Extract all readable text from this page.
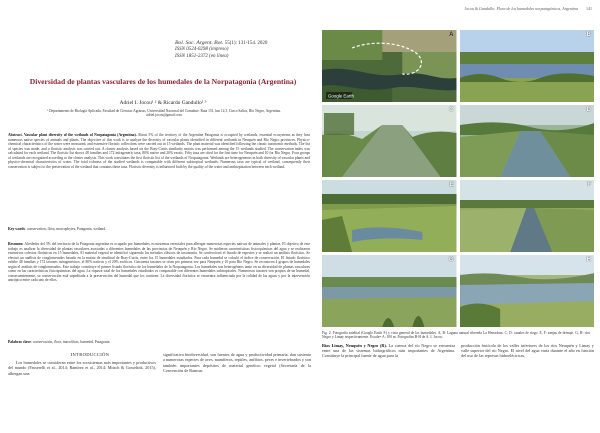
Jocou & Gandullo: Flora de los humedales norpatagónicos, Argentina 141
Bol. Soc. Argent. Bot. 55(1): 131-154. 2020
ISSN 0524-0298 (impreso)
ISSN 1851-2372 (en línea)
Diversidad de plantas vasculares de los humedales de la Norpatagonia (Argentina)
Adriel I. Jocou¹ ² & Ricardo Gandullo¹ ³
¹ Departamento de Biología Aplicada, Facultad de Ciencias Agrarias, Universidad Nacional del Comahue. Ruta 151, km 12,5, Cinco Saltos, Río Negro, Argentina.
adriel.jocou@gmail.com
Abstract. Vascular plant diversity of the wetlands of Norpatagonia (Argentina). About 5% of the territory of the Argentine Patagonia is occupied by wetlands, essential ecosystems as they host numerous native species of animals and plants. The objective of this work is to analyze the diversity of vascular plants identified in different wetlands in Neuquén and Río Negro provinces. Physico-chemical characteristics of the water were measured, and extensive floristic collections were carried out in 15 wetlands. The plant material was identified following the classic taxonomic methods. The list of species was made, and a floristic analysis was carried out. A cluster analysis based on the Bray-Curtis similarity matrix was performed among the 15 wetlands studied. The conservation index was calculated for each wetland. The floristic list shows 48 families and 172 infrageneric taxa, 80% native and 20% exotic. Fifty taxa are cited for the first time for Neuquén and 10 for Río Negro. Four groups of wetlands are recognized according to the cluster analysis. This work constitutes the first floristic list of the wetlands of Norpatagonia. Wetlands are heterogeneous in both diversity of vascular plants and physico-chemical characteristics of water. The total richness of the studied wetlands is comparable with different subtropical wetlands. Numerous taxa are typical of wetland, consequently their conservation is subject to the preservation of the wetland that contains these taxa. Floristic diversity is influenced both by the quality of the water and anthropization between each wetland.
Key words: conservation, flora, macrophytes, Patagonia, wetland.
Resumen: Alrededor del 5% del territorio de la Patagonia argentina es ocupado por humedales, ecosistemas esenciales para albergar numerosas especies nativas de animales y plantas. El objetivo de este trabajo es analizar la diversidad de plantas vasculares asociadas a diferentes humedales de las provincias de Neuquén y Río Negro. Se midieron características fisicoquímicas del agua y se realizaron extensivas colectas florísticas en 15 humedales. El material vegetal se identificó siguiendo los métodos clásicos de taxonomía. Se confeccionó el listado de especies y se realizó un análisis florístico. Se efectuó un análisis de conglomerados basado en la matriz de similitud de Bray-Curtis, entre los 15 humedales estudiados. Para cada humedal se calculó el índice de conservación. El listado florístico exhibe 48 familias y 172 taxones infragenéricos, el 80% nativos y el 20% exóticos. Cincuenta taxones se citan por primera vez para Neuquén y 10 para Río Negro. Se reconocen 4 grupos de humedales según el análisis de conglomerados. Este trabajo constituye el primer listado florístico de los humedales de la Norpatagonia. Los humedales son heterogéneos tanto en su diversidad de plantas vasculares como en las características fisicoquímicas del agua. La riqueza total de los humedales estudiados es comparable con diferentes humedales subtropicales. Numerosos taxones son propios de un humedal, consecuentemente, su conservación está supeditada a la preservación del humedal que los contiene. La diversidad florística se encuentra influenciada por la calidad de las aguas y por la intervención antrópica entre cada uno de ellos.
Palabras clave: conservación, flora, macrófitas, humedal, Patagonia.
INTRODUCCIÓN
Los humedales se consideran entre los ecosistemas más importantes y productivos del mundo (Fasserelli et al., 2014; Ramírez et al., 2014; Mitsch & Gosselink, 2015), albergan una
significativa biodiversidad, son fuentes de agua y productividad primaria, dan sustento a numerosas especies de aves, mamíferos, reptiles, anfibios, peces e invertebrados y son también importantes depósitos de material genético vegetal (Secretaría de la Convención de Ramsar,
Google Earth
A	B
C	D
E	F
G	H
Fig. 2. Fotografía satelital (Google Earth ®) y vista general de los humedales. A, B: Laguna natural ribereña La Herradura. C, D: canales de riego. E, F: zanjas de drenaje. G, H: ríos Negro y Limay respectivamente. Escala= A: 100 m. Fotografías B-H de A. I. Jocou.
Ríos Limay, Neuquén y Negro (R). La cuenca del río Negro se encuentra entre una de las sistemas hidrográficos más importantes de Argentina. Constituye la principal fuente de agua para la
producción frutícola de los valles inferiores de los ríos Neuquén y Limay y valle superior del río Negro. El nivel del agua varía durante el año en función del uso de las represas hidroeléctricas,
